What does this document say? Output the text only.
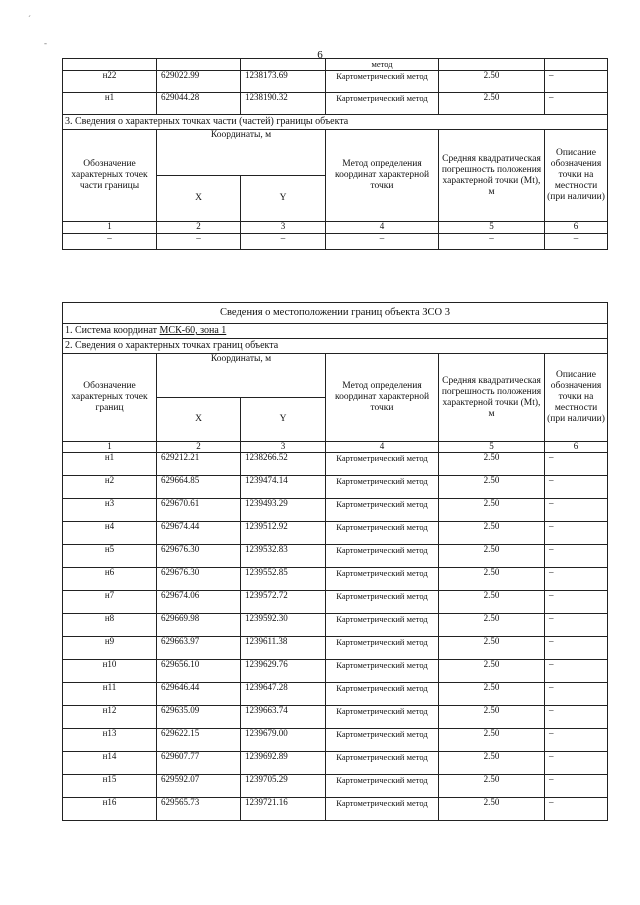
´
-
6
			метод		
н22	629022.99	1238173.69	Картометрический метод	2.50	–
н1	629044.28	1238190.32	Картометрический метод	2.50	–
3. Сведения о характерных точках части (частей) границы объекта					
Обозначение характерных точек части границы	Координаты, м		Метод определения координат характерной точки	Средняя квадратическая погрешность положения характерной точки (Mt), м	Описание обозначения точки на местности (при наличии)
	X	Y			
1	2	3	4	5	6
–	–	–	–	–	–
Сведения о местоположении границ объекта ЗСО 3					
1. Система координат МСК-60, зона 1					
2. Сведения о характерных точках границ объекта					
Обозначение характерных точек границ	Координаты, м		Метод определения координат характерной точки	Средняя квадратическая погрешность положения характерной точки (Mt), м	Описание обозначения точки на местности (при наличии)
	X	Y			
1	2	3	4	5	6
н1	629212.21	1238266.52	Картометрический метод	2.50	–
н2	629664.85	1239474.14	Картометрический метод	2.50	–
н3	629670.61	1239493.29	Картометрический метод	2.50	–
н4	629674.44	1239512.92	Картометрический метод	2.50	–
н5	629676.30	1239532.83	Картометрический метод	2.50	–
н6	629676.30	1239552.85	Картометрический метод	2.50	–
н7	629674.06	1239572.72	Картометрический метод	2.50	–
н8	629669.98	1239592.30	Картометрический метод	2.50	–
н9	629663.97	1239611.38	Картометрический метод	2.50	–
н10	629656.10	1239629.76	Картометрический метод	2.50	–
н11	629646.44	1239647.28	Картометрический метод	2.50	–
н12	629635.09	1239663.74	Картометрический метод	2.50	–
н13	629622.15	1239679.00	Картометрический метод	2.50	–
н14	629607.77	1239692.89	Картометрический метод	2.50	–
н15	629592.07	1239705.29	Картометрический метод	2.50	–
н16	629565.73	1239721.16	Картометрический метод	2.50	–
